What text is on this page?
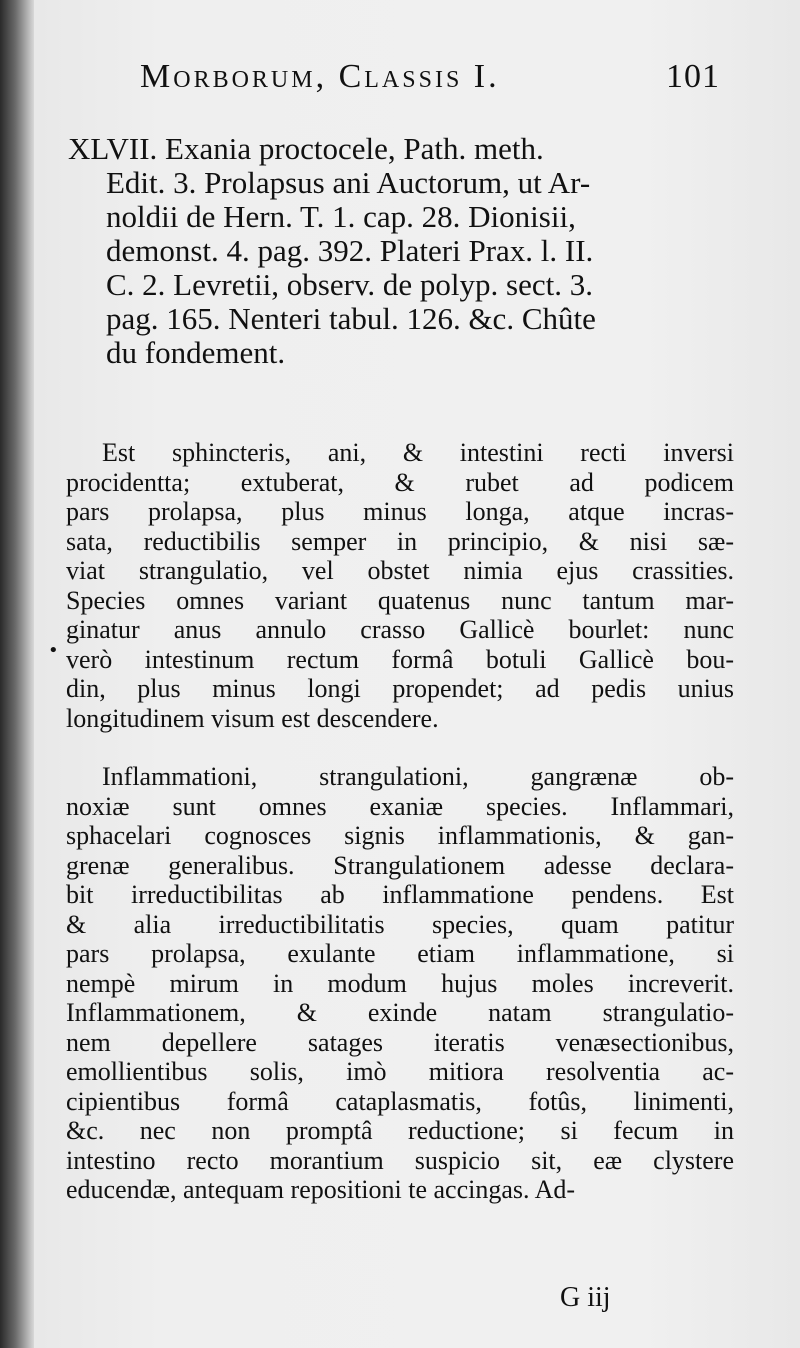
Morborum, Classis I.	101
XLVII. Exania proctocele, Path. meth.
Edit. 3. Prolapsus ani Auctorum, ut Ar-
noldii de Hern. T. 1. cap. 28. Dionisii,
demonst. 4. pag. 392. Plateri Prax. l. II.
C. 2. Levretii, observ. de polyp. sect. 3.
pag. 165. Nenteri tabul. 126. &c. Chûte
du fondement.
•
Est sphincteris, ani, & intestini recti inversi
procidentta; extuberat, & rubet ad podicem
pars prolapsa, plus minus longa, atque incras-
sata, reductibilis semper in principio, & nisi sæ-
viat strangulatio, vel obstet nimia ejus crassities.
Species omnes variant quatenus nunc tantum mar-
ginatur anus annulo crasso Gallicè bourlet: nunc
verò intestinum rectum formâ botuli Gallicè bou-
din, plus minus longi propendet; ad pedis unius
longitudinem visum est descendere.
Inflammationi, strangulationi, gangrænæ ob-
noxiæ sunt omnes exaniæ species. Inflammari,
sphacelari cognosces signis inflammationis, & gan-
grenæ generalibus. Strangulationem adesse declara-
bit irreductibilitas ab inflammatione pendens. Est
& alia irreductibilitatis species, quam patitur
pars prolapsa, exulante etiam inflammatione, si
nempè mirum in modum hujus moles increverit.
Inflammationem, & exinde natam strangulatio-
nem depellere satages iteratis venæsectionibus,
emollientibus solis, imò mitiora resolventia ac-
cipientibus formâ cataplasmatis, fotûs, linimenti,
&c. nec non promptâ reductione; si fecum in
intestino recto morantium suspicio sit, eæ clystere
educendæ, antequam repositioni te accingas. Ad-
G iij
